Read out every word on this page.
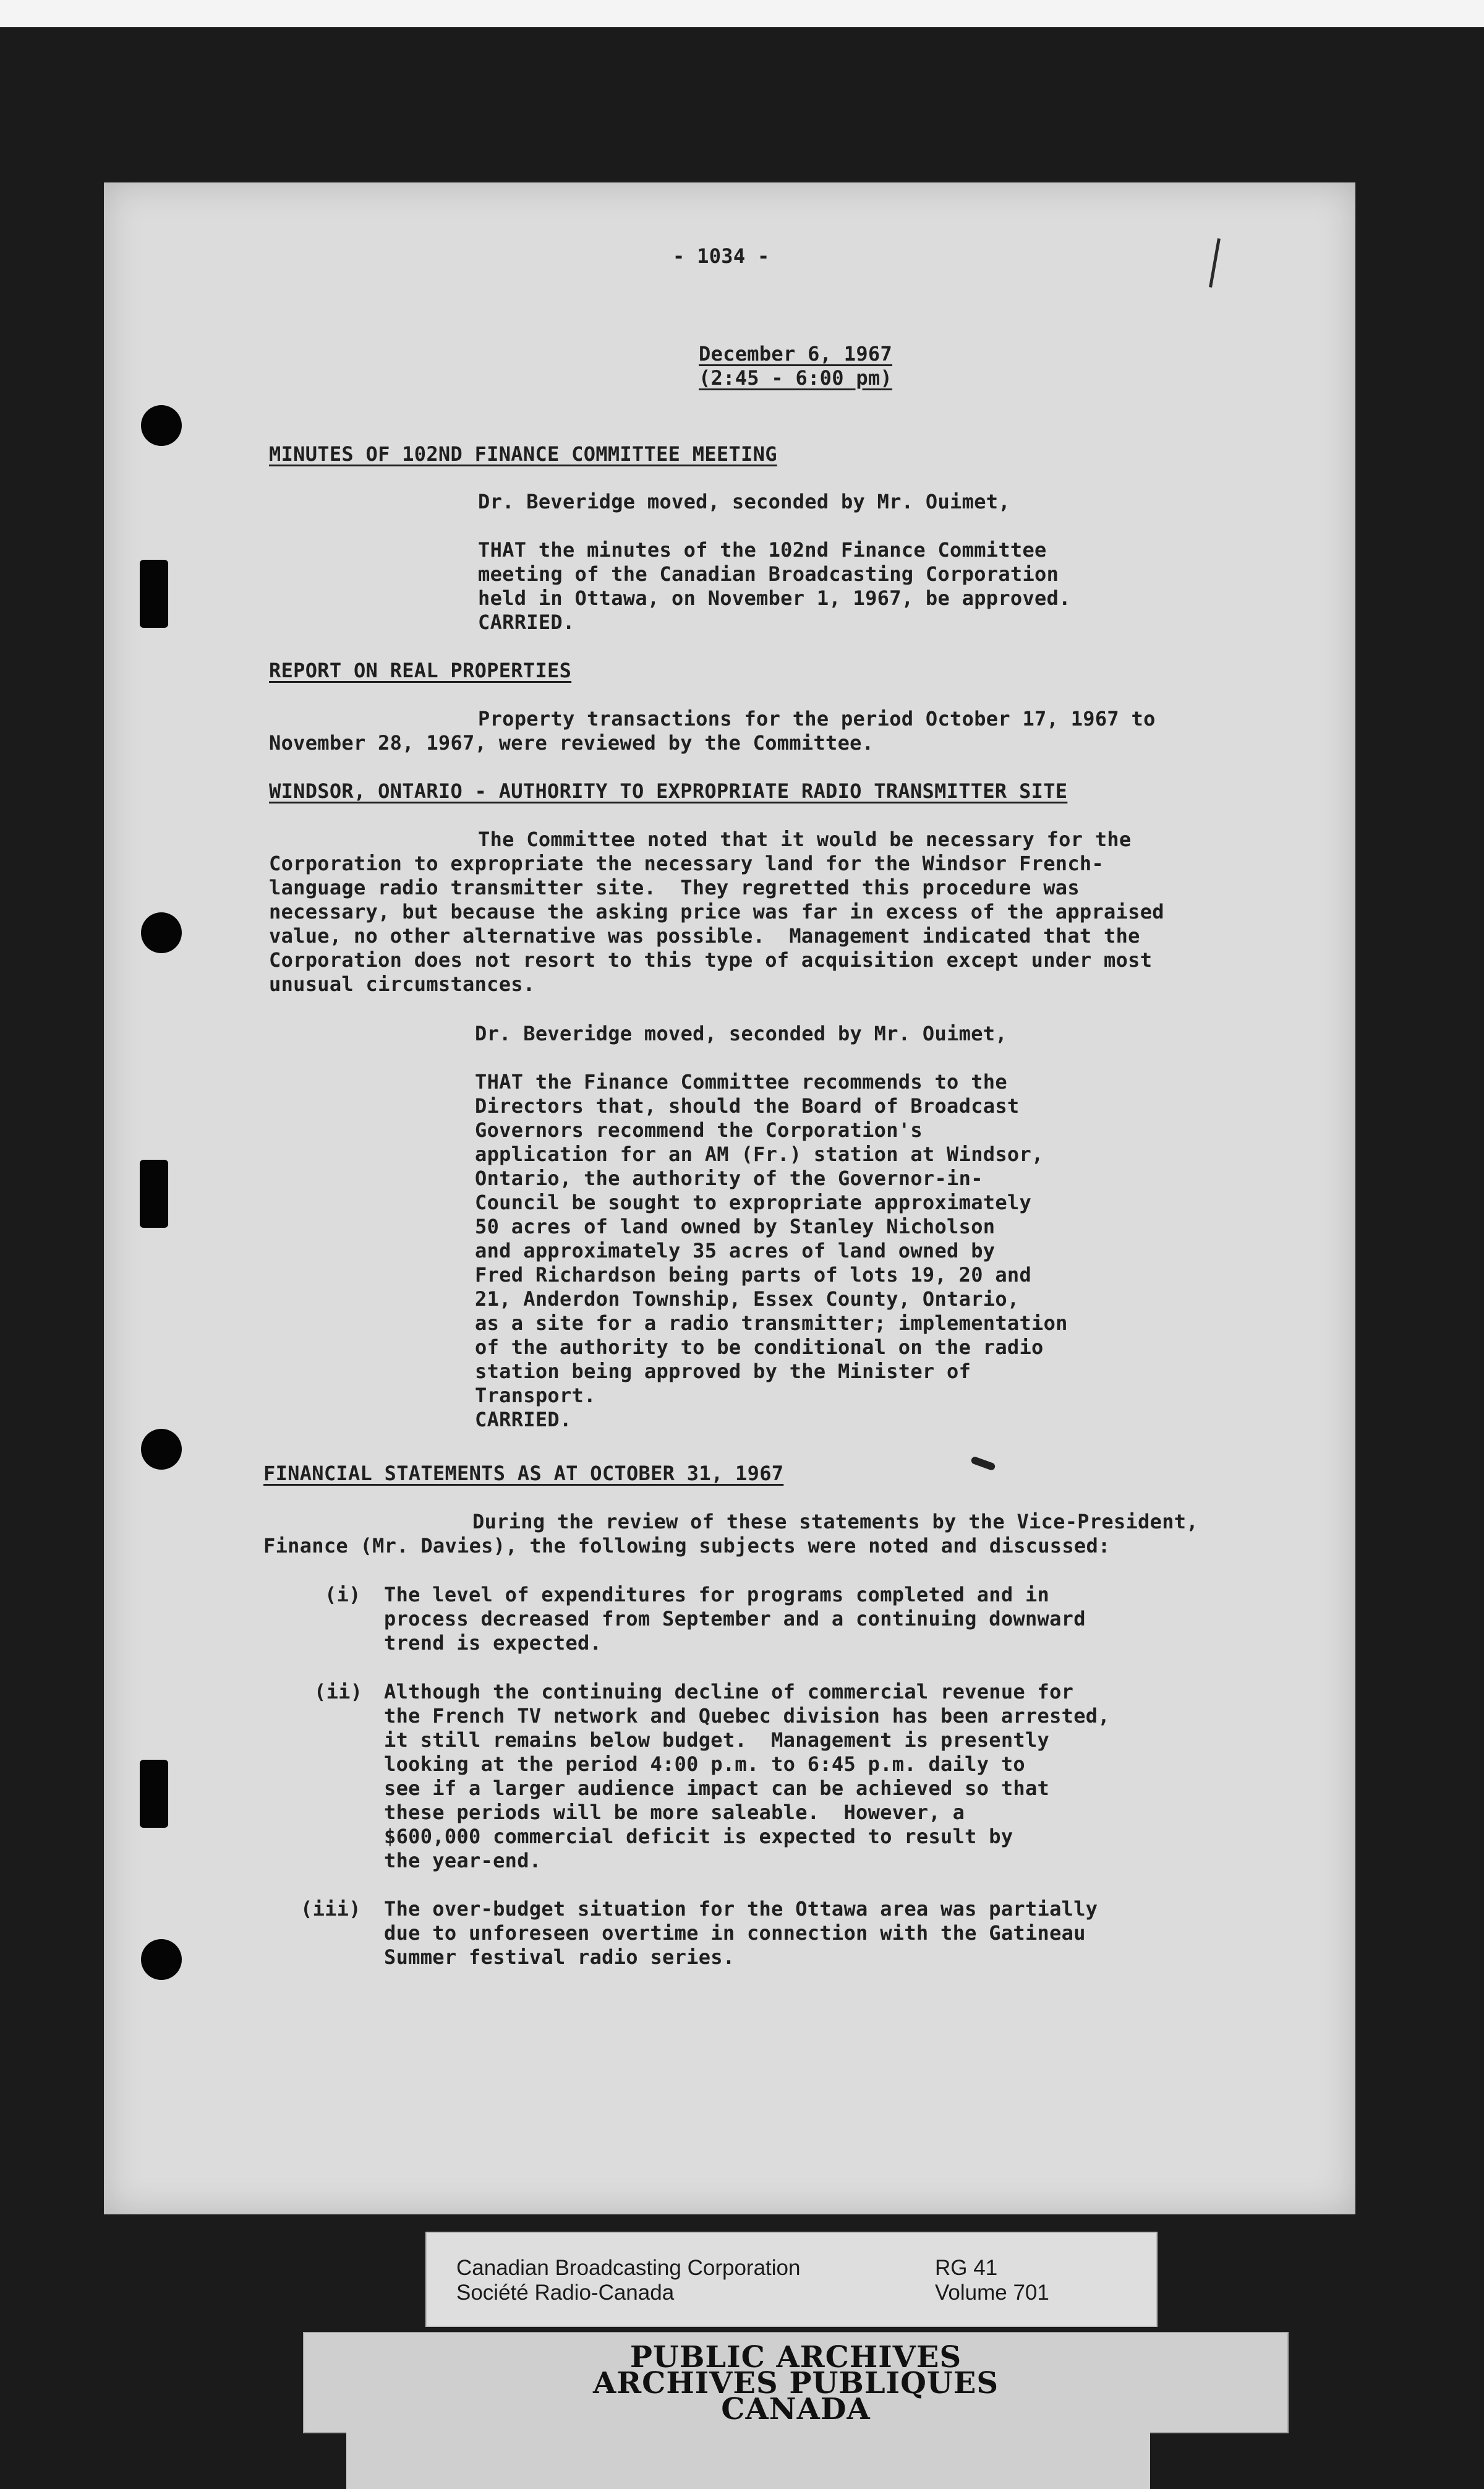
- 1034 -
December 6, 1967
(2:45 - 6:00 pm)
MINUTES OF 102ND FINANCE COMMITTEE MEETING
Dr. Beveridge moved, seconded by Mr. Ouimet,
THAT the minutes of the 102nd Finance Committee
meeting of the Canadian Broadcasting Corporation
held in Ottawa, on November 1, 1967, be approved.
CARRIED.
REPORT ON REAL PROPERTIES
Property transactions for the period October 17, 1967 to
November 28, 1967, were reviewed by the Committee.
WINDSOR, ONTARIO - AUTHORITY TO EXPROPRIATE RADIO TRANSMITTER SITE
The Committee noted that it would be necessary for the
Corporation to expropriate the necessary land for the Windsor French-
language radio transmitter site.  They regretted this procedure was
necessary, but because the asking price was far in excess of the appraised
value, no other alternative was possible.  Management indicated that the
Corporation does not resort to this type of acquisition except under most
unusual circumstances.
Dr. Beveridge moved, seconded by Mr. Ouimet,
THAT the Finance Committee recommends to the
Directors that, should the Board of Broadcast
Governors recommend the Corporation's
application for an AM (Fr.) station at Windsor,
Ontario, the authority of the Governor-in-
Council be sought to expropriate approximately
50 acres of land owned by Stanley Nicholson
and approximately 35 acres of land owned by
Fred Richardson being parts of lots 19, 20 and
21, Anderdon Township, Essex County, Ontario,
as a site for a radio transmitter; implementation
of the authority to be conditional on the radio
station being approved by the Minister of
Transport.
CARRIED.
FINANCIAL STATEMENTS AS AT OCTOBER 31, 1967
During the review of these statements by the Vice-President,
Finance (Mr. Davies), the following subjects were noted and discussed:
(i) The level of expenditures for programs completed and in
process decreased from September and a continuing downward
trend is expected.
(ii) Although the continuing decline of commercial revenue for
the French TV network and Quebec division has been arrested,
it still remains below budget.  Management is presently
looking at the period 4:00 p.m. to 6:45 p.m. daily to
see if a larger audience impact can be achieved so that
these periods will be more saleable.  However, a
$600,000 commercial deficit is expected to result by
the year-end.
(iii) The over-budget situation for the Ottawa area was partially
due to unforeseen overtime in connection with the Gatineau
Summer festival radio series.
Canadian Broadcasting Corporation
Société Radio-Canada
RG 41
Volume 701
PUBLIC ARCHIVES
ARCHIVES PUBLIQUES
CANADA
